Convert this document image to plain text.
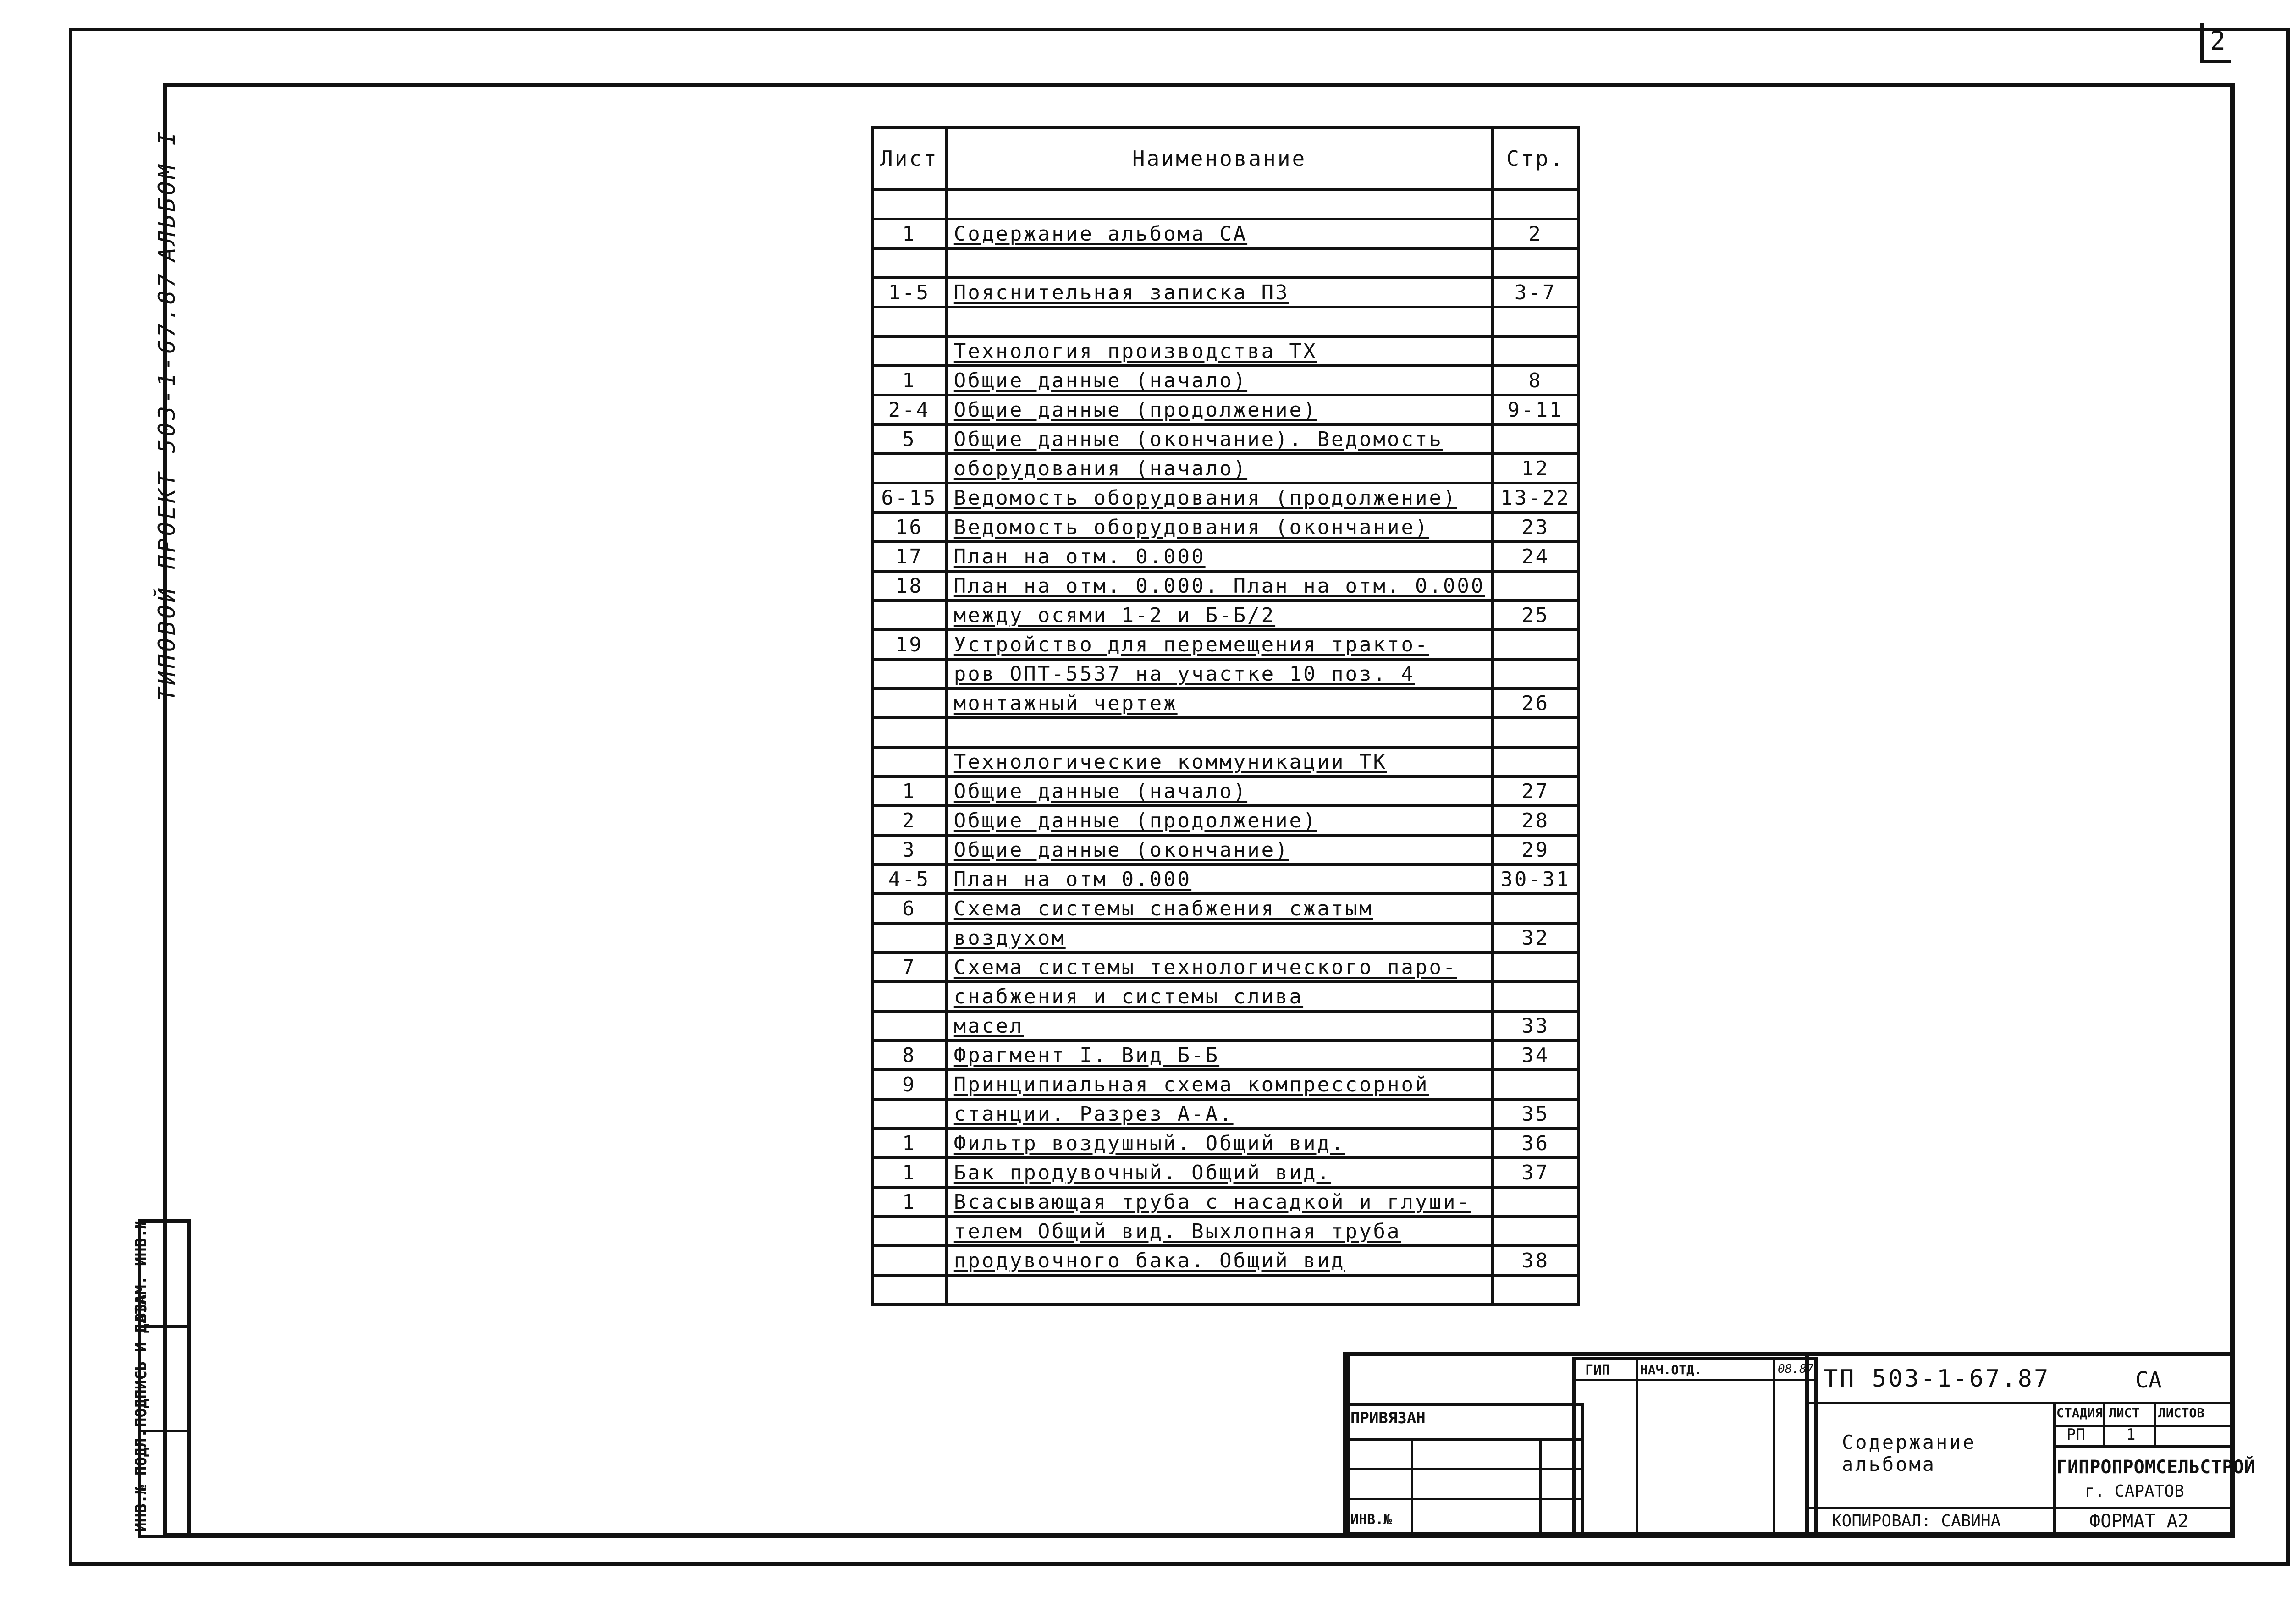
2
АЛЬБОМ I
ТИПОВОЙ ПРОЕКТ 503-1-67.87
ВЗАМ. ИНВ.№
ПОДПИСЬ И ДАТА
ИНВ.№ ПОДЛ.
Лист	Наименование	Стр.

1	Содержание альбома СА	2

1-5	Пояснительная записка ПЗ	3-7

	Технология производства ТХ	
1	Общие данные (начало)	8
2-4	Общие данные (продолжение)	9-11
5	Общие данные (окончание). Ведомость	
	оборудования (начало)	12
6-15	Ведомость оборудования (продолжение)	13-22
16	Ведомость оборудования (окончание)	23
17	План на отм. 0.000	24
18	План на отм. 0.000. План на отм. 0.000	
	между осями 1-2 и Б-Б/2	25
19	Устройство для перемещения тракто-	
	ров ОПТ-5537 на участке 10 поз. 4	
	монтажный чертеж	26

	Технологические коммуникации ТК	
1	Общие данные (начало)	27
2	Общие данные (продолжение)	28
3	Общие данные (окончание)	29
4-5	План на отм 0.000	30-31
6	Схема системы снабжения сжатым	
	воздухом	32
7	Схема системы технологического паро-	
	снабжения и системы слива	
	масел	33
8	Фрагмент I. Вид Б-Б	34
9	Принципиальная схема компрессорной	
	станции. Разрез А-А.	35
1	Фильтр воздушный. Общий вид.	36
1	Бак продувочный. Общий вид.	37
1	Всасывающая труба с насадкой и глуши-	
	телем Общий вид. Выхлопная труба	
	продувочного бака. Общий вид	38

ТП 503-1-67.87	СА
Содержание альбома
СТАДИЯ ЛИСТ ЛИСТОВ
РП	1
ГИПРОПРОМСЕЛЬСТРОЙ
г. САРАТОВ
КОПИРОВАЛ: САВИНА	ФОРМАТ А2
ПРИВЯЗАН
ИНВ.№
ГИП НАЧ.ОТД.	08.87
